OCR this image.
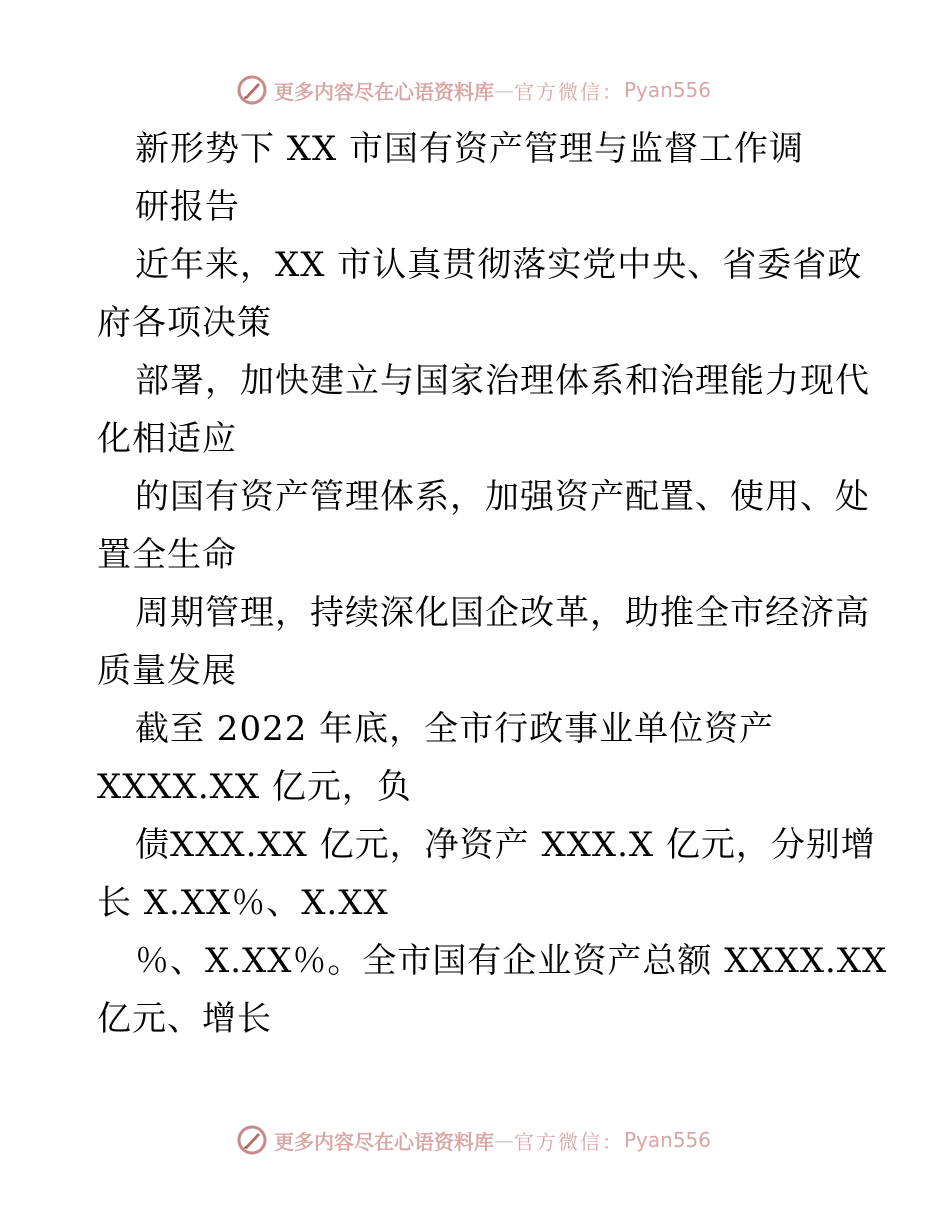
更多内容尽在心语资料库 — 官方微信： Pyan556
新形势下 XX 市国有资产管理与监督工作调
研报告
近年来，XX 市认真贯彻落实党中央、省委省政
府各项决策
部署，加快建立与国家治理体系和治理能力现代
化相适应
的国有资产管理体系，加强资产配置、使用、处
置全生命
周期管理，持续深化国企改革，助推全市经济高
质量发展
截至 2022 年底，全市行政事业单位资产
XXXX.XX 亿元，负
债XXX.XX 亿元，净资产 XXX.X 亿元，分别增
长 X.XX％、X.XX
％、X.XX％。全市国有企业资产总额 XXXX.XX
亿元、增长
更多内容尽在心语资料库 — 官方微信： Pyan556
